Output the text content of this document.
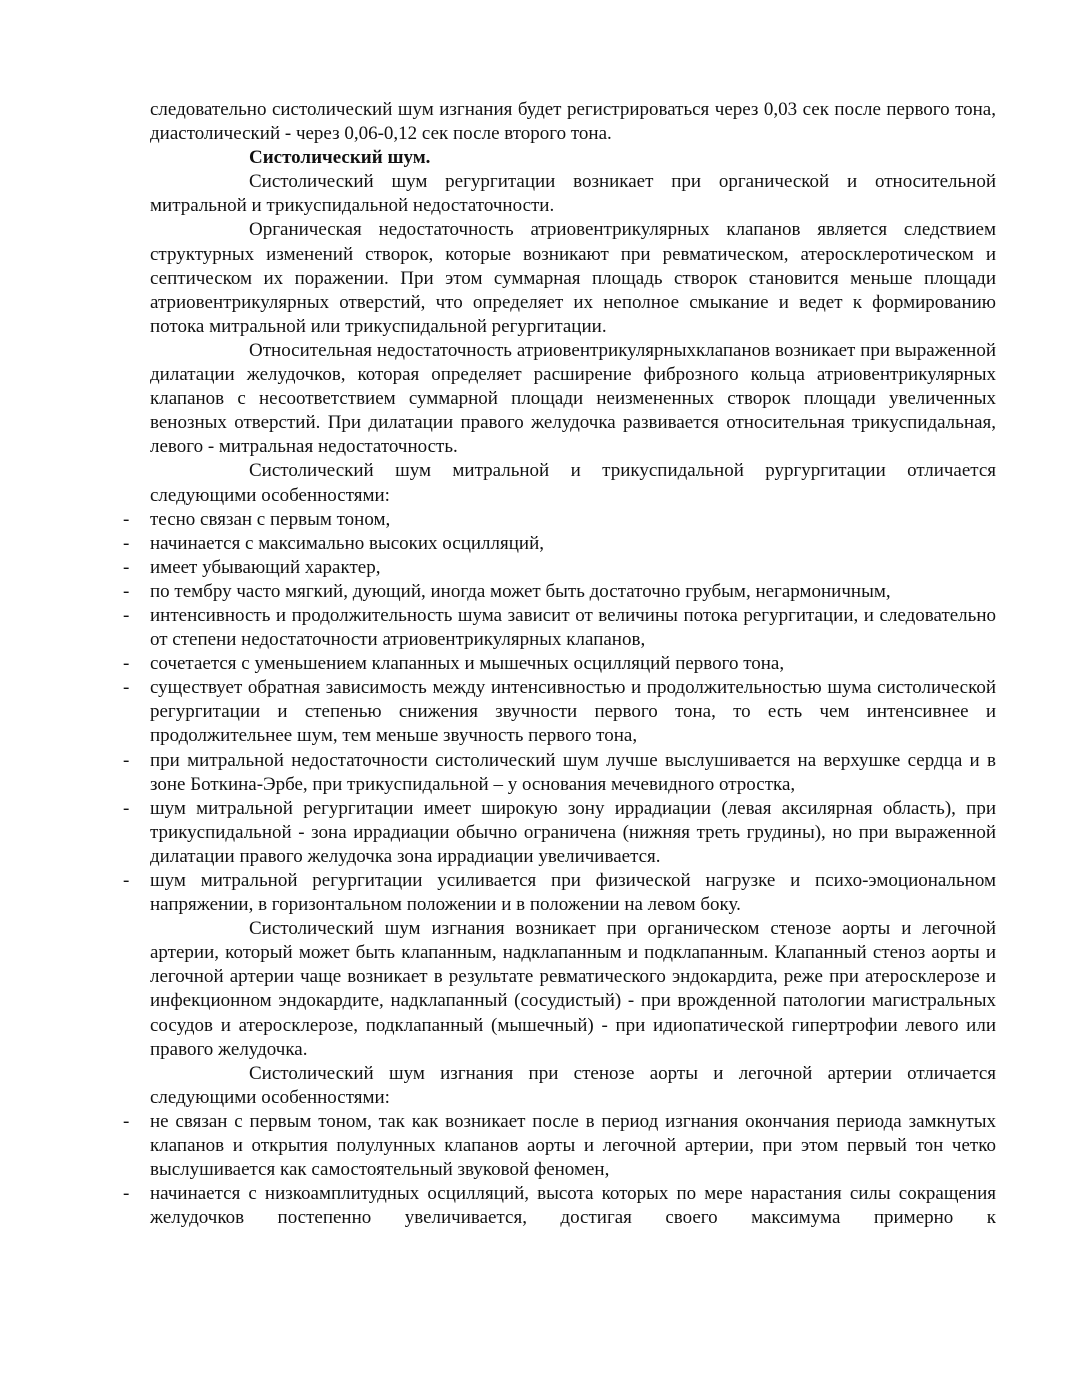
следовательно систолический шум изгнания будет регистрироваться через 0,03 сек после первого тона, диастолический - через 0,06-0,12 сек после второго тона.

Систолический шум.

Систолический шум регургитации возникает при органической и относительной митральной и трикуспидальной недостаточности.

Органическая недостаточность атриовентрикулярных клапанов является следствием структурных изменений створок, которые возникают при ревматическом, атеросклеротическом и септическом их поражении. При этом суммарная площадь створок становится меньше площади атриовентрикулярных отверстий, что определяет их неполное смыкание и ведет к формированию потока митральной или трикуспидальной регургитации.

Относительная недостаточность атриовентрикулярныхклапанов возникает при выраженной дилатации желудочков, которая определяет расширение фиброзного кольца атриовентрикулярных клапанов с несоответствием суммарной площади неизмененных створок площади увеличенных венозных отверстий. При дилатации правого желудочка развивается относительная трикуспидальная, левого - митральная недостаточность.

Систолический шум митральной и трикуспидальной рургургитации отличается следующими особенностями:

- тесно связан с первым тоном,
- начинается с максимально высоких осцилляций,
- имеет убывающий характер,
- по тембру часто мягкий, дующий, иногда может быть достаточно грубым, негармоничным,
- интенсивность и продолжительность шума зависит от величины потока регургитации, и следовательно от степени недостаточности атриовентрикулярных клапанов,
- сочетается с уменьшением клапанных и мышечных осцилляций первого тона,
- существует обратная зависимость между интенсивностью и продолжительностью шума систолической регургитации и степенью снижения звучности первого тона, то есть чем интенсивнее и продолжительнее шум, тем меньше звучность первого тона,
- при митральной недостаточности систолический шум лучше выслушивается на верхушке сердца и в зоне Боткина-Эрбе, при трикуспидальной – у основания мечевидного отростка,
- шум митральной регургитации имеет широкую зону иррадиации (левая аксилярная область), при трикуспидальной - зона иррадиации обычно ограничена (нижняя треть грудины), но при выраженной дилатации правого желудочка зона иррадиации увеличивается.
- шум митральной регургитации усиливается при физической нагрузке и психо-эмоциональном напряжении, в горизонтальном положении и в положении на левом боку.

Систолический шум изгнания возникает при органическом стенозе аорты и легочной артерии, который может быть клапанным, надклапанным и подклапанным. Клапанный стеноз аорты и легочной артерии чаще возникает в результате ревматического эндокардита, реже при атеросклерозе и инфекционном эндокардите, надклапанный (сосудистый) - при врожденной патологии магистральных сосудов и атеросклерозе, подклапанный (мышечный) - при идиопатической гипертрофии левого или правого желудочка.

Систолический шум изгнания при стенозе аорты и легочной артерии отличается следующими особенностями:

- не связан с первым тоном, так как возникает после в период изгнания окончания периода замкнутых клапанов и открытия полулунных клапанов аорты и легочной артерии, при этом первый тон четко выслушивается как самостоятельный звуковой феномен,
- начинается с низкоамплитудных осцилляций, высота которых по мере нарастания силы сокращения желудочков постепенно увеличивается, достигая своего максимума примерно к
